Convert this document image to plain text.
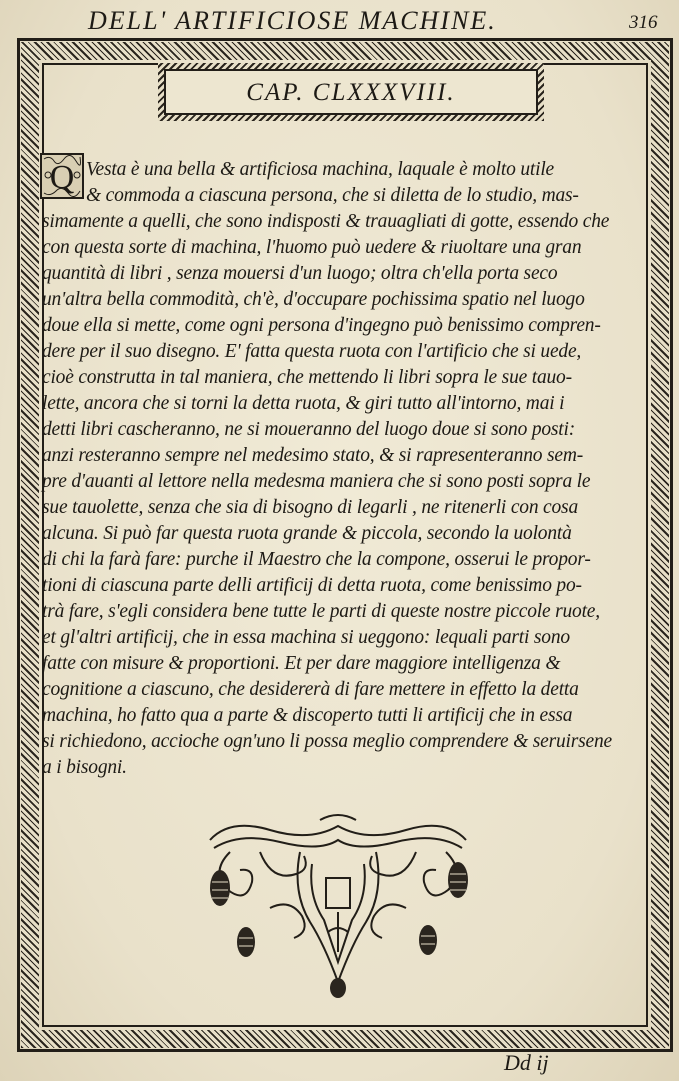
DELL' ARTIFICIOSE MACHINE.	316
CAP. CLXXXVIII.
Q Vesta è una bella & artificiosa machina, laquale è molto utile
& commoda a ciascuna persona, che si diletta de lo studio, mas-
simamente a quelli, che sono indisposti & trauagliati di gotte, essendo che
con questa sorte di machina, l'huomo può uedere & riuoltare una gran
quantità di libri , senza mouersi d'un luogo; oltra ch'ella porta seco
un'altra bella commodità, ch'è, d'occupare pochissima spatio nel luogo
doue ella si mette, come ogni persona d'ingegno può benissimo compren-
dere per il suo disegno. E' fatta questa ruota con l'artificio che si uede,
cioè construtta in tal maniera, che mettendo li libri sopra le sue tauo-
lette, ancora che si torni la detta ruota, & giri tutto all'intorno, mai i
detti libri cascheranno, ne si moueranno del luogo doue si sono posti:
anzi resteranno sempre nel medesimo stato, & si rapresenteranno sem-
pre d'auanti al lettore nella medesma maniera che si sono posti sopra le
sue tauolette, senza che sia di bisogno di legarli , ne ritenerli con cosa
alcuna. Si può far questa ruota grande & piccola, secondo la uolontà
di chi la farà fare: purche il Maestro che la compone, osserui le propor-
tioni di ciascuna parte delli artificij di detta ruota, come benissimo po-
trà fare, s'egli considera bene tutte le parti di queste nostre piccole ruote,
et gl'altri artificij, che in essa machina si ueggono: lequali parti sono
fatte con misure & proportioni. Et per dare maggiore intelligenza &
cognitione a ciascuno, che desidererà di fare mettere in effetto la detta
machina, ho fatto qua a parte & discoperto tutti li artificij che in essa
si richiedono, accioche ogn'uno li possa meglio comprendere & seruirsene
a i bisogni.
Dd ij
